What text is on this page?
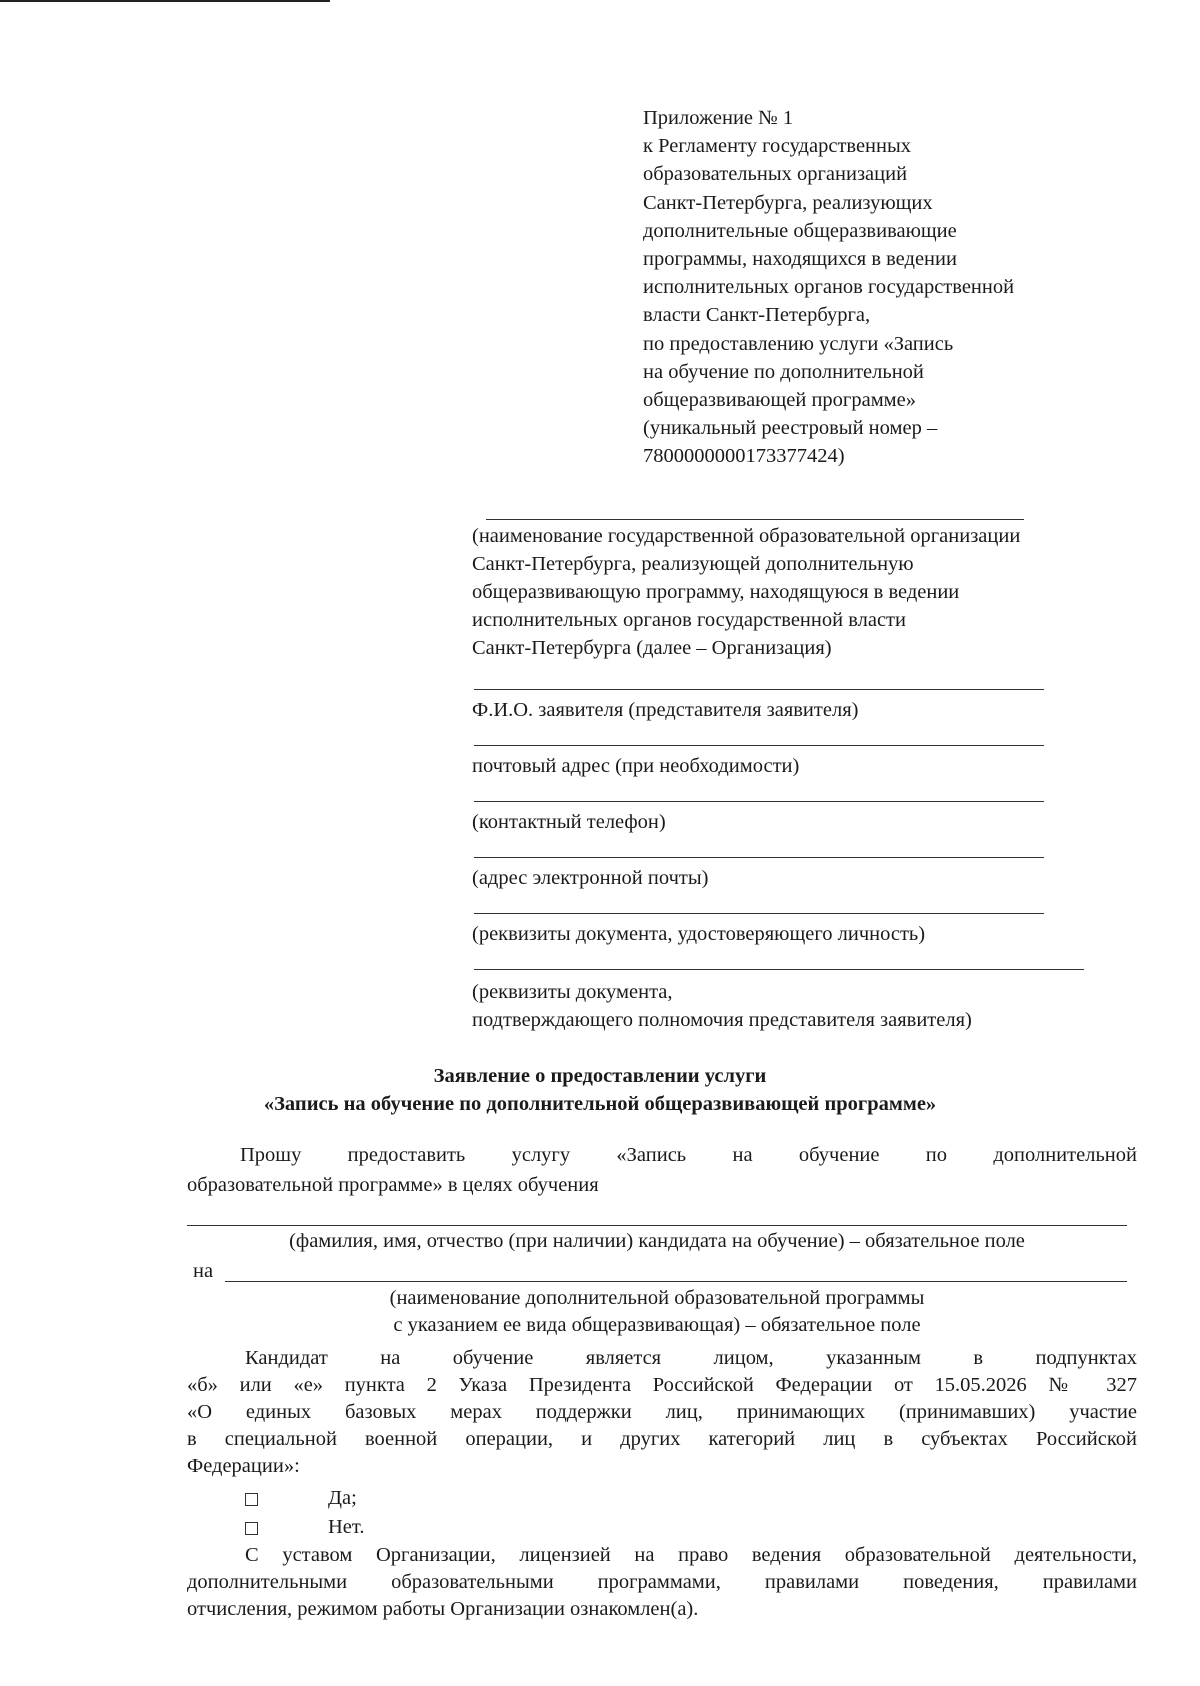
Приложение № 1
к Регламенту государственных
образовательных организаций
Санкт-Петербурга, реализующих
дополнительные общеразвивающие
программы, находящихся в ведении
исполнительных органов государственной
власти Санкт-Петербурга,
по предоставлению услуги «Запись
на обучение по дополнительной
общеразвивающей программе»
(уникальный реестровый номер –
7800000000173377424)
(наименование государственной образовательной организации
Санкт-Петербурга, реализующей дополнительную
общеразвивающую программу, находящуюся в ведении
исполнительных органов государственной власти
Санкт-Петербурга (далее – Организация)
Ф.И.О. заявителя (представителя заявителя)
почтовый адрес (при необходимости)
(контактный телефон)
(адрес электронной почты)
(реквизиты документа, удостоверяющего личность)
(реквизиты документа,
подтверждающего полномочия представителя заявителя)
Заявление о предоставлении услуги
«Запись на обучение по дополнительной общеразвивающей программе»
Прошу предоставить услугу «Запись на обучение по дополнительной
образовательной программе» в целях обучения
(фамилия, имя, отчество (при наличии) кандидата на обучение) – обязательное поле
на
(наименование дополнительной образовательной программы
с указанием ее вида общеразвивающая) – обязательное поле
Кандидат на обучение является лицом, указанным в подпунктах
«б» или «е» пункта 2 Указа Президента Российской Федерации от 15.05.2026 № 327
«О единых базовых мерах поддержки лиц, принимающих (принимавших) участие
в специальной военной операции, и других категорий лиц в субъектах Российской
Федерации»:
Да;
Нет.
С уставом Организации, лицензией на право ведения образовательной деятельности,
дополнительными образовательными программами, правилами поведения, правилами
отчисления, режимом работы Организации ознакомлен(а).
